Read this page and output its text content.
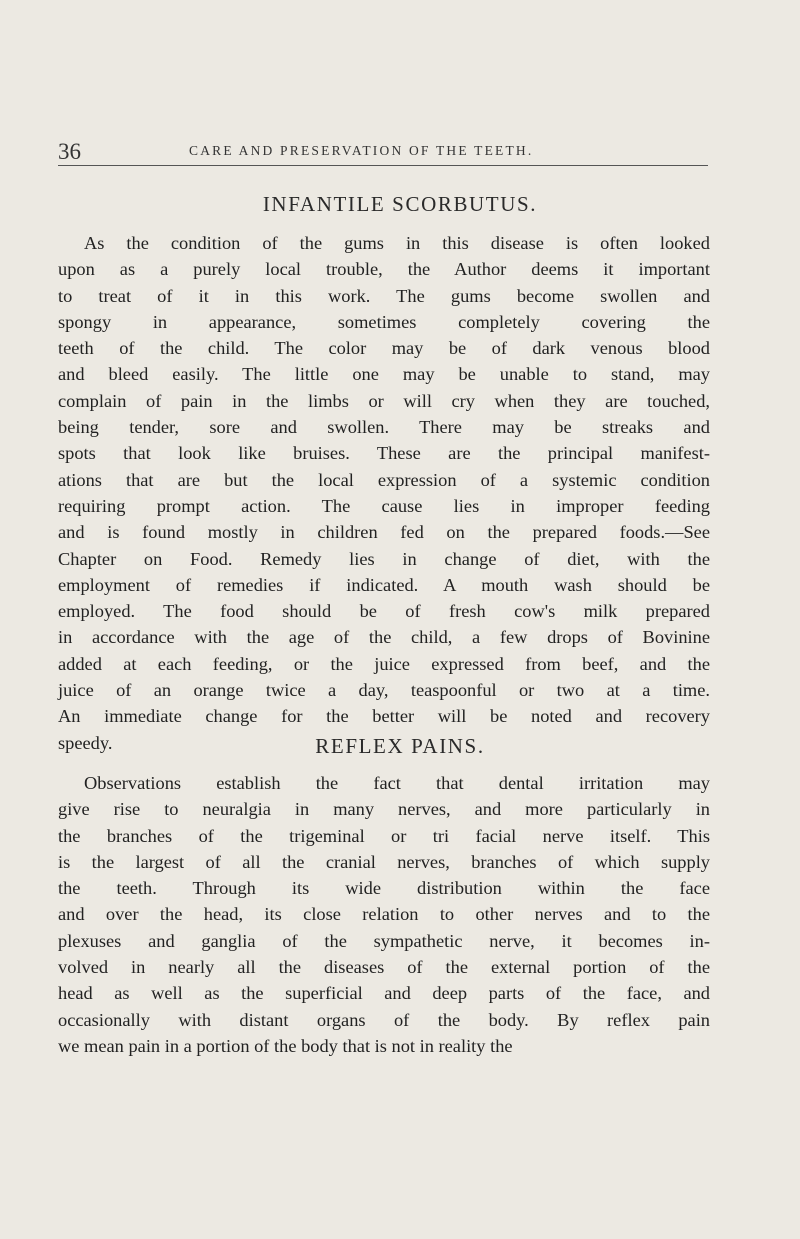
36	CARE AND PRESERVATION OF THE TEETH.
INFANTILE SCORBUTUS.
As the condition of the gums in this disease is often looked
upon as a purely local trouble, the Author deems it important
to treat of it in this work. The gums become swollen and
spongy in appearance, sometimes completely covering the
teeth of the child. The color may be of dark venous blood
and bleed easily. The little one may be unable to stand, may
complain of pain in the limbs or will cry when they are touched,
being tender, sore and swollen. There may be streaks and
spots that look like bruises. These are the principal manifest-
ations that are but the local expression of a systemic condition
requiring prompt action. The cause lies in improper feeding
and is found mostly in children fed on the prepared foods.—See
Chapter on Food. Remedy lies in change of diet, with the
employment of remedies if indicated. A mouth wash should be
employed. The food should be of fresh cow's milk prepared
in accordance with the age of the child, a few drops of Bovinine
added at each feeding, or the juice expressed from beef, and the
juice of an orange twice a day, teaspoonful or two at a time.
An immediate change for the better will be noted and recovery
speedy.	REFLEX PAINS.
Observations establish the fact that dental irritation may
give rise to neuralgia in many nerves, and more particularly in
the branches of the trigeminal or tri facial nerve itself. This
is the largest of all the cranial nerves, branches of which supply
the teeth. Through its wide distribution within the face
and over the head, its close relation to other nerves and to the
plexuses and ganglia of the sympathetic nerve, it becomes in-
volved in nearly all the diseases of the external portion of the
head as well as the superficial and deep parts of the face, and
occasionally with distant organs of the body. By reflex pain
we mean pain in a portion of the body that is not in reality the
